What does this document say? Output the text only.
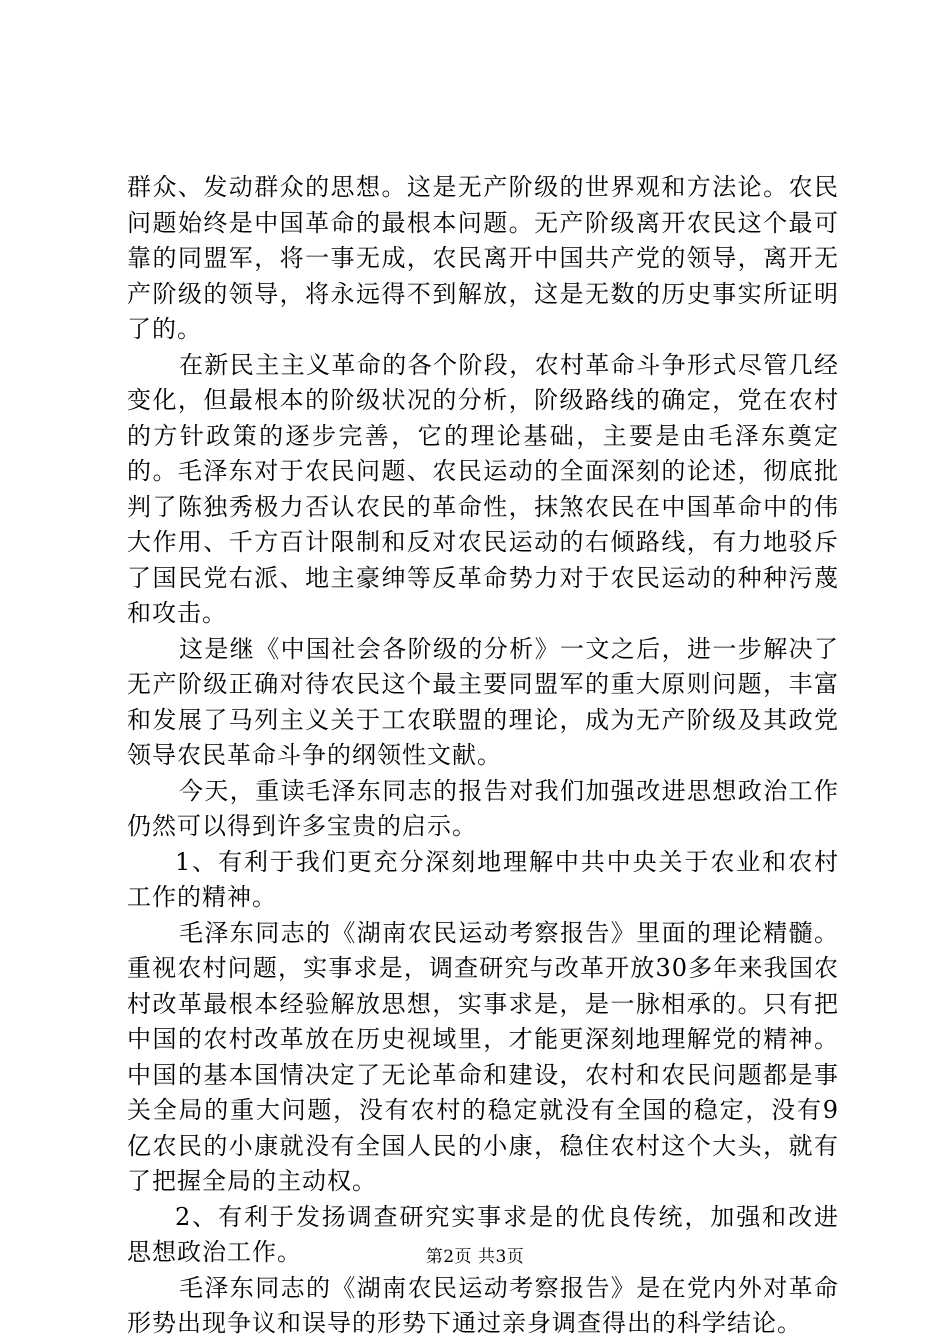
群众、发动群众的思想。这是无产阶级的世界观和方法论。农民问题始终是中国革命的最根本问题。无产阶级离开农民这个最可靠的同盟军，将一事无成，农民离开中国共产党的领导，离开无产阶级的领导，将永远得不到解放，这是无数的历史事实所证明了的。

在新民主主义革命的各个阶段，农村革命斗争形式尽管几经变化，但最根本的阶级状况的分析，阶级路线的确定，党在农村的方针政策的逐步完善，它的理论基础，主要是由毛泽东奠定的。毛泽东对于农民问题、农民运动的全面深刻的论述，彻底批判了陈独秀极力否认农民的革命性，抹煞农民在中国革命中的伟大作用、千方百计限制和反对农民运动的右倾路线，有力地驳斥了国民党右派、地主豪绅等反革命势力对于农民运动的种种污蔑和攻击。

这是继《中国社会各阶级的分析》一文之后，进一步解决了无产阶级正确对待农民这个最主要同盟军的重大原则问题，丰富和发展了马列主义关于工农联盟的理论，成为无产阶级及其政党领导农民革命斗争的纲领性文献。

今天，重读毛泽东同志的报告对我们加强改进思想政治工作仍然可以得到许多宝贵的启示。

1、有利于我们更充分深刻地理解中共中央关于农业和农村工作的精神。

毛泽东同志的《湖南农民运动考察报告》里面的理论精髓。重视农村问题，实事求是，调查研究与改革开放30多年来我国农村改革最根本经验解放思想，实事求是，是一脉相承的。只有把中国的农村改革放在历史视域里，才能更深刻地理解党的精神。中国的基本国情决定了无论革命和建设，农村和农民问题都是事关全局的重大问题，没有农村的稳定就没有全国的稳定，没有9亿农民的小康就没有全国人民的小康，稳住农村这个大头，就有了把握全局的主动权。

2、有利于发扬调查研究实事求是的优良传统，加强和改进思想政治工作。

毛泽东同志的《湖南农民运动考察报告》是在党内外对革命形势出现争议和误导的形势下通过亲身调查得出的科学结论。

第2页 共3页
